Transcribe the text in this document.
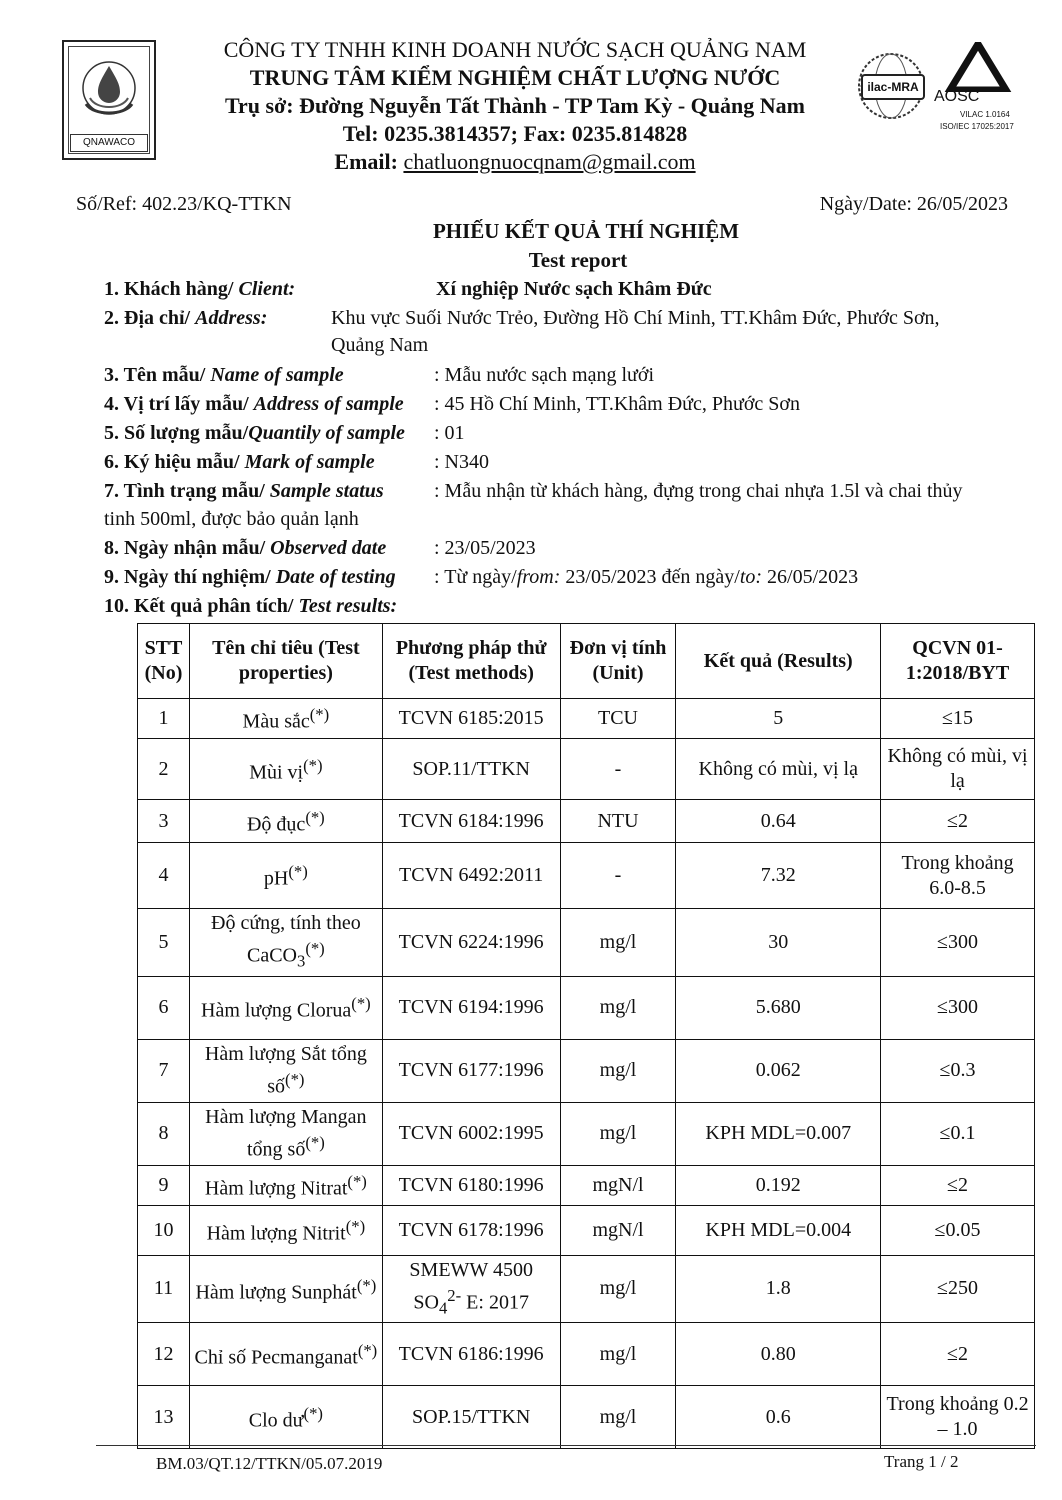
QNAWACO
CÔNG TY TNHH KINH DOANH NƯỚC SẠCH QUẢNG NAM
TRUNG TÂM KIỂM NGHIỆM CHẤT LƯỢNG NƯỚC
Trụ sở: Đường Nguyễn Tất Thành - TP Tam Kỳ - Quảng Nam
Tel: 0235.3814357; Fax: 0235.814828
Email: chatluongnuocqnam@gmail.com
ilac-MRA
AOSC
VILAC 1.0164
ISO/IEC 17025:2017
Số/Ref: 402.23/KQ-TTKN	Ngày/Date: 26/05/2023
PHIẾU KẾT QUẢ THÍ NGHIỆM
Test report
1. Khách hàng/ Client:	Xí nghiệp Nước sạch Khâm Đức
2. Địa chỉ/ Address:	Khu vực Suối Nước Trẻo, Đường Hồ Chí Minh, TT.Khâm Đức, Phước Sơn,
Quảng Nam
3. Tên mẫu/ Name of sample	: Mẫu nước sạch mạng lưới
4. Vị trí lấy mẫu/ Address of sample : 45 Hồ Chí Minh, TT.Khâm Đức, Phước Sơn
5. Số lượng mẫu/Quantily of sample : 01
6. Ký hiệu mẫu/ Mark of sample	: N340
7. Tình trạng mẫu/ Sample status	: Mẫu nhận từ khách hàng, đựng trong chai nhựa 1.5l và chai thủy
tinh 500ml, được bảo quản lạnh
8. Ngày nhận mẫu/ Observed date : 23/05/2023
9. Ngày thí nghiệm/ Date of testing : Từ ngày/from: 23/05/2023 đến ngày/to: 26/05/2023
10. Kết quả phân tích/ Test results:
STT (No)	Tên chỉ tiêu (Test properties)	Phương pháp thử (Test methods)	Đơn vị tính (Unit)	Kết quả (Results)	QCVN 01-1:2018/BYT
1	Màu sắc(*)	TCVN 6185:2015	TCU	5	≤15
2	Mùi vị(*)	SOP.11/TTKN	-	Không có mùi, vị lạ	Không có mùi, vị lạ
3	Độ đục(*)	TCVN 6184:1996	NTU	0.64	≤2
4	pH(*)	TCVN 6492:2011	-	7.32	Trong khoảng 6.0-8.5
5	Độ cứng, tính theo CaCO$_3$(*)	TCVN 6224:1996	mg/l	30	≤300
6	Hàm lượng Clorua(*)	TCVN 6194:1996	mg/l	5.680	≤300
7	Hàm lượng Sắt tổng số(*)	TCVN 6177:1996	mg/l	0.062	≤0.3
8	Hàm lượng Mangan tổng số(*)	TCVN 6002:1995	mg/l	KPH MDL=0.007	≤0.1
9	Hàm lượng Nitrat(*)	TCVN 6180:1996	mgN/l	0.192	≤2
10	Hàm lượng Nitrit(*)	TCVN 6178:1996	mgN/l	KPH MDL=0.004	≤0.05
11	Hàm lượng Sunphát(*)	SMEWW 4500 $SO_4^{2-}$ E: 2017	mg/l	1.8	≤250
12	Chỉ số Pecmanganat(*)	TCVN 6186:1996	mg/l	0.80	≤2
13	Clo dư(*)	SOP.15/TTKN	mg/l	0.6	Trong khoảng 0.2 – 1.0
BM.03/QT.12/TTKN/05.07.2019	Trang 1 / 2
